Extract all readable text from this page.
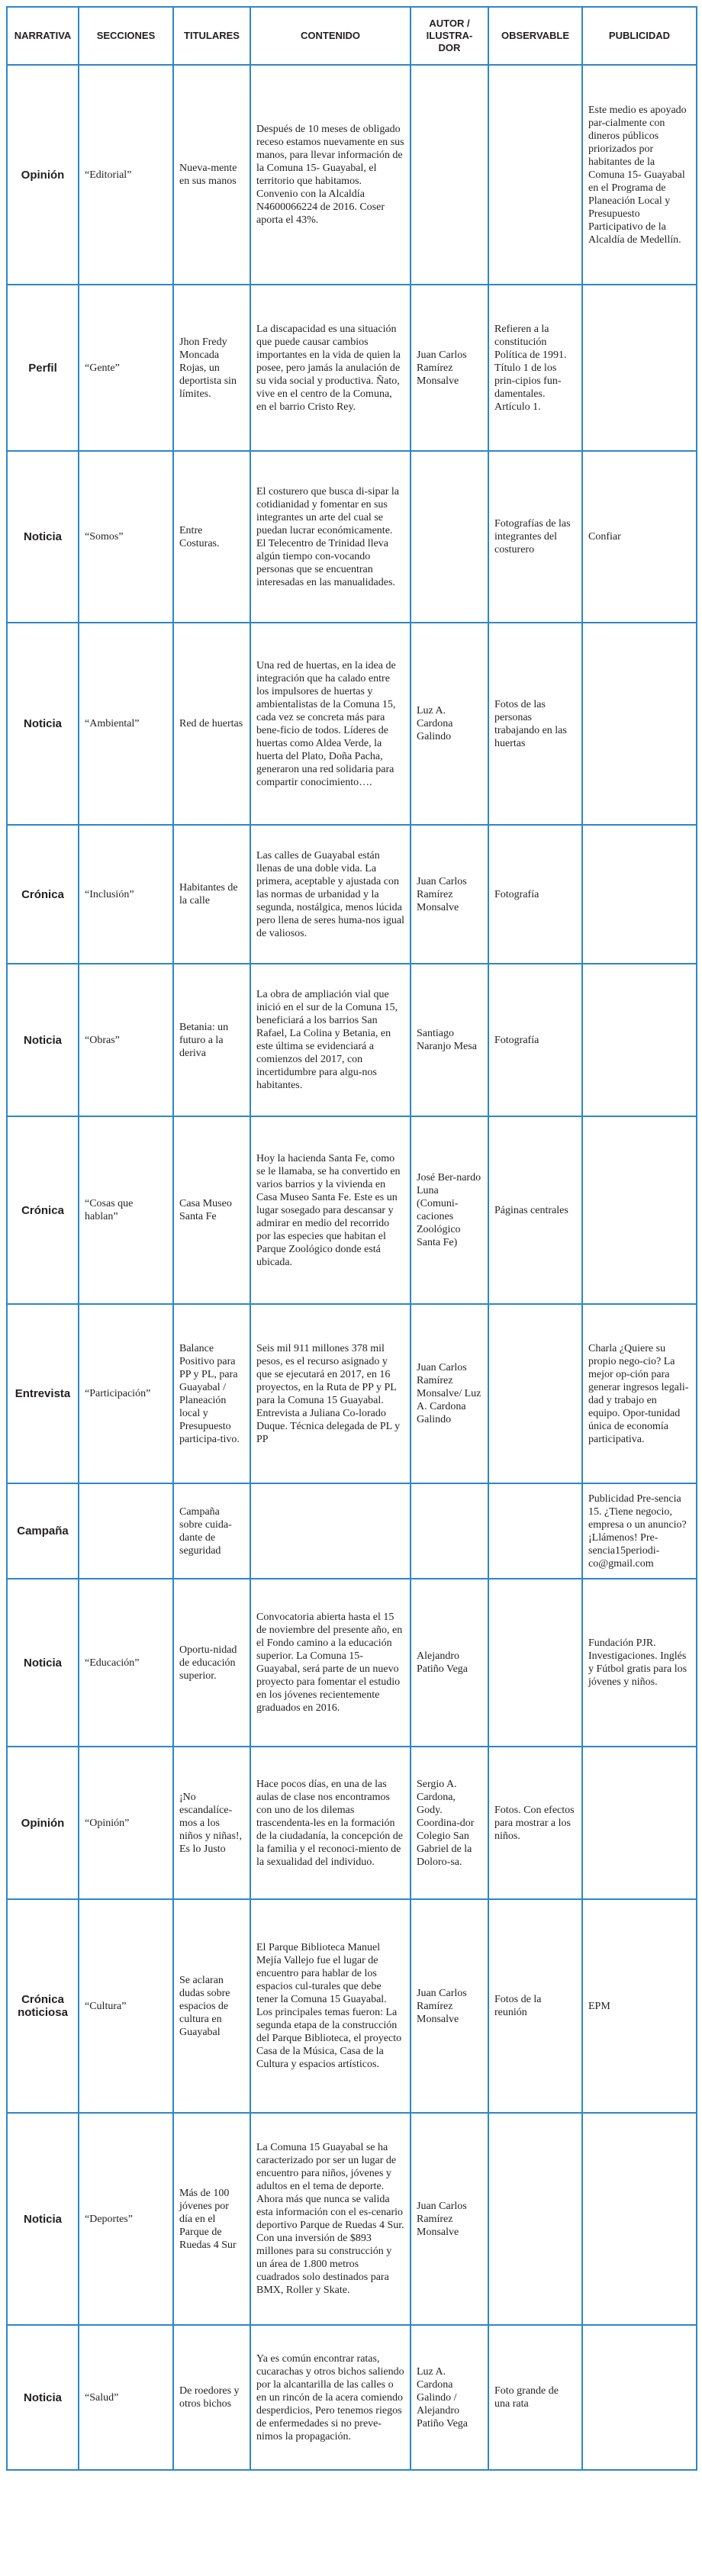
NARRATIVA	SECCIONES	TITULARES	CONTENIDO	AUTOR / ILUSTRA-DOR	OBSERVABLE	PUBLICIDAD
Opinión	“Editorial”	Nueva-mente en sus manos	Después de 10 meses de obligado receso estamos nuevamente en sus manos, para llevar información de la Comuna 15- Guayabal, el territorio que habitamos. Convenio con la Alcaldía N4600066224 de 2016. Coser aporta el 43%.			Este medio es apoyado par-cialmente con dineros públicos priorizados por habitantes de la Comuna 15- Guayabal en el Programa de Planeación Local y Presupuesto Participativo de la Alcaldía de Medellín.
Perfil	“Gente”	Jhon Fredy Moncada Rojas, un deportista sin límites.	La discapacidad es una situación que puede causar cambios importantes en la vida de quien la posee, pero jamás la anulación de su vida social y productiva. Ñato, vive en el centro de la Comuna, en el barrio Cristo Rey.	Juan Carlos Ramírez Monsalve	Refieren a la constitución Política de 1991. Título 1 de los prin-cipios fun-damentales. Artículo 1.	
Noticia	“Somos”	Entre Costuras.	El costurero que busca di-sipar la cotidianidad y fomentar en sus integrantes un arte del cual se puedan lucrar económicamente. El Telecentro de Trinidad lleva algún tiempo con-vocando personas que se encuentran interesadas en las manualidades.		Fotografías de las integrantes del costurero	Confiar
Noticia	“Ambiental”	Red de huertas	Una red de huertas, en la idea de integración que ha calado entre los impulsores de huertas y ambientalistas de la Comuna 15, cada vez se concreta más para bene-ficio de todos. Líderes de huertas como Aldea Verde, la huerta del Plato, Doña Pacha, generaron una red solidaria para compartir conocimiento….	Luz A. Cardona Galindo	Fotos de las personas trabajando en las huertas	
Crónica	“Inclusión”	Habitantes de la calle	Las calles de Guayabal están llenas de una doble vida. La primera, aceptable y ajustada con las normas de urbanidad y la segunda, nostálgica, menos lúcida pero llena de seres huma-nos igual de valiosos.	Juan Carlos Ramírez Monsalve	Fotografía	
Noticia	“Obras”	Betania: un futuro a la deriva	La obra de ampliación vial que inició en el sur de la Comuna 15, beneficiará a los barrios San Rafael, La Colina y Betania, en este última se evidenciará a comienzos del 2017, con incertidumbre para algu-nos habitantes.	Santiago Naranjo Mesa	Fotografía	
Crónica	“Cosas que hablan”	Casa Museo Santa Fe	Hoy la hacienda Santa Fe, como se le llamaba, se ha convertido en varios barrios y la vivienda en Casa Museo Santa Fe. Este es un lugar sosegado para descansar y admirar en medio del recorrido por las especies que habitan el Parque Zoológico donde está ubicada.	José Ber-nardo Luna (Comuni-caciones Zoológico Santa Fe)	Páginas centrales	
Entrevista	“Participación”	Balance Positivo para PP y PL, para Guayabal / Planeación local y Presupuesto participa-tivo.	Seis mil 911 millones 378 mil pesos, es el recurso asignado y que se ejecutará en 2017, en 16 proyectos, en la Ruta de PP y PL para la Comuna 15 Guayabal. Entrevista a Juliana Co-lorado Duque. Técnica delegada de PL y PP	Juan Carlos Ramírez Monsalve/ Luz A. Cardona Galindo		Charla ¿Quiere su propio nego-cio? La mejor op-ción para generar ingresos legali-dad y trabajo en equipo. Opor-tunidad única de economía participativa.
Campaña		Campaña sobre cuida-dante de seguridad				Publicidad Pre-sencia 15. ¿Tiene negocio, empresa o un anuncio? ¡Llámenos! Pre-sencia15periodi-co@gmail.com
Noticia	“Educación”	Oportu-nidad de educación superior.	Convocatoria abierta hasta el 15 de noviembre del presente año, en el Fondo camino a la educación superior. La Comuna 15- Guayabal, será parte de un nuevo proyecto para fomentar el estudio en los jóvenes recientemente graduados en 2016.	Alejandro Patiño Vega		Fundación PJR. Investigaciones. Inglés y Fútbol gratis para los jóvenes y niños.
Opinión	“Opinión”	¡No escandalíce-mos a los niños y niñas!, Es lo Justo	Hace pocos días, en una de las aulas de clase nos encontramos con uno de los dilemas trascendenta-les en la formación de la ciudadanía, la concepción de la familia y el reconoci-miento de la sexualidad del individuo.	Sergio A. Cardona, Gody. Coordina-dor Colegio San Gabriel de la Doloro-sa.	Fotos. Con efectos para mostrar a los niños.	
Crónica noticiosa	“Cultura”	Se aclaran dudas sobre espacios de cultura en Guayabal	El Parque Biblioteca Manuel Mejía Vallejo fue el lugar de encuentro para hablar de los espacios cul-turales que debe tener la Comuna 15 Guayabal. Los principales temas fueron: La segunda etapa de la construcción del Parque Biblioteca, el proyecto Casa de la Música, Casa de la Cultura y espacios artísticos.	Juan Carlos Ramírez Monsalve	Fotos de la reunión	EPM
Noticia	“Deportes”	Más de 100 jóvenes por día en el Parque de Ruedas 4 Sur	La Comuna 15 Guayabal se ha caracterizado por ser un lugar de encuentro para niños, jóvenes y adultos en el tema de deporte. Ahora más que nunca se valida esta información con el es-cenario deportivo Parque de Ruedas 4 Sur. Con una inversión de $893 millones para su construcción y un área de 1.800 metros cuadrados solo destinados para BMX, Roller y Skate.	Juan Carlos Ramírez Monsalve		
Noticia	“Salud”	De roedores y otros bichos	Ya es común encontrar ratas, cucarachas y otros bichos saliendo por la alcantarilla de las calles o en un rincón de la acera comiendo desperdicios, Pero tenemos riegos de enfermedades si no preve-nimos la propagación.	Luz A. Cardona Galindo / Alejandro Patiño Vega	Foto grande de una rata	
